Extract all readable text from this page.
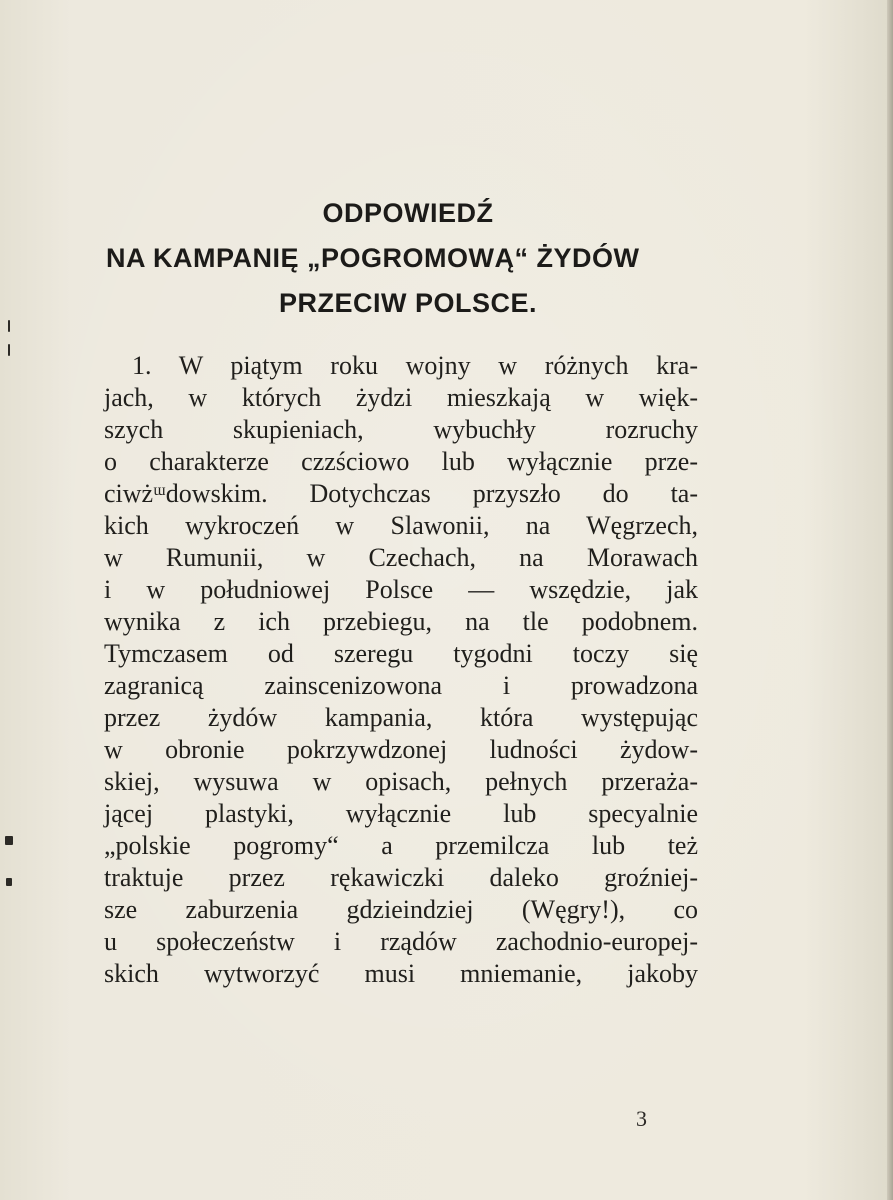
ODPOWIEDŹ
NA KAMPANIĘ „POGROMOWĄ“ ŻYDÓW
PRZECIW POLSCE.
1. W piątym roku wojny w różnych kra-
jach, w których żydzi mieszkają w więk-
szych skupieniach, wybuchły rozruchy
o charakterze czzściowo lub wyłącznie prze-
ciwżᵚdowskim. Dotychczas przyszło do ta-
kich wykroczeń w Slawonii, na Węgrzech,
w Rumunii, w Czechach, na Morawach
i w południowej Polsce — wszędzie, jak
wynika z ich przebiegu, na tle podobnem.
Tymczasem od szeregu tygodni toczy się
zagranicą zainscenizowona i prowadzona
przez żydów kampania, która występując
w obronie pokrzywdzonej ludności żydow-
skiej, wysuwa w opisach, pełnych przeraża-
jącej plastyki, wyłącznie lub specyalnie
„polskie pogromy“ a przemilcza lub też
traktuje przez rękawiczki daleko groźniej-
sze zaburzenia gdzieindziej (Węgry!), co
u społeczeństw i rządów zachodnio-europej-
skich wytworzyć musi mniemanie, jakoby
3
